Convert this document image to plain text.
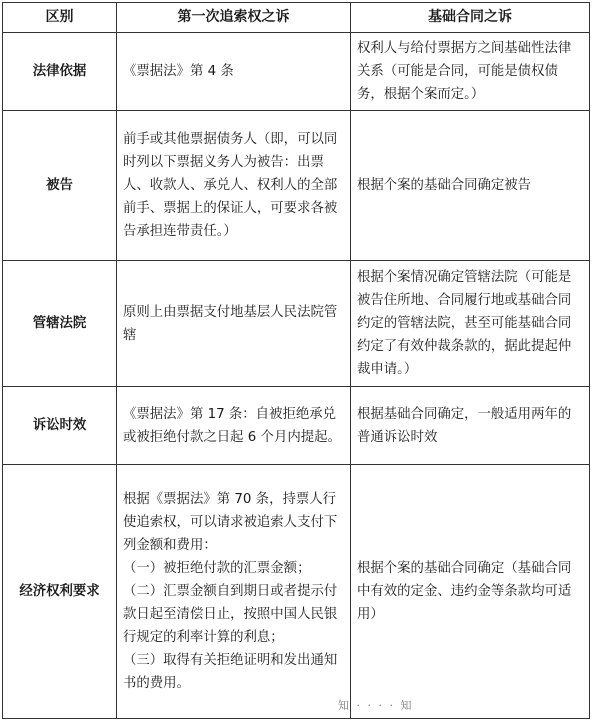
区别	第一次追索权之诉	基础合同之诉
法律依据	《票据法》第 4 条	权利人与给付票据方之间基础性法律关系（可能是合同，可能是债权债务，根据个案而定。）
被告	前手或其他票据债务人（即，可以同时列以下票据义务人为被告：出票人、收款人、承兑人、权利人的全部前手、票据上的保证人，可要求各被告承担连带责任。）	根据个案的基础合同确定被告
管辖法院	原则上由票据支付地基层人民法院管辖	根据个案情况确定管辖法院（可能是被告住所地、合同履行地或基础合同约定的管辖法院，甚至可能基础合同约定了有效仲裁条款的，据此提起仲裁申请。）
诉讼时效	《票据法》第 17 条：自被拒绝承兑或被拒绝付款之日起 6 个月内提起。	根据基础合同确定，一般适用两年的普通诉讼时效
经济权利要求	根据《票据法》第 70 条，持票人行使追索权，可以请求被追索人支付下列金额和费用：
（一）被拒绝付款的汇票金额；
（二）汇票金额自到期日或者提示付款日起至清偿日止，按照中国人民银行规定的利率计算的利息；
（三）取得有关拒绝证明和发出通知书的费用。	根据个案的基础合同确定（基础合同中有效的定金、违约金等条款均可适用）
知 · · · · 知
